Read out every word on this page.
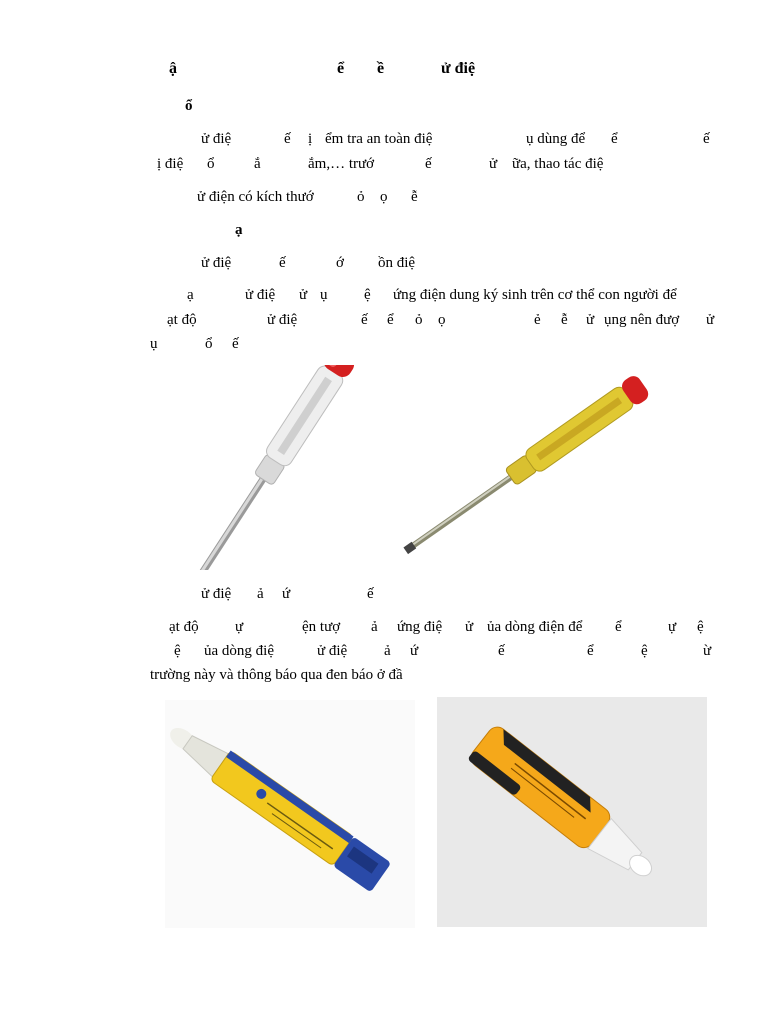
ậ	ể ề	ử điệ
ổ
ử điệ	ế ị ểm tra an toàn điệ	ụ dùng để ể	ế
ị điệ ổ	ắ	ắm,… trướ	ế	ử ữa, thao tác điệ
ử điện có kích thướ	ỏ ọ ễ
ạ
ử điệ	ế	ớ ồn điệ
ạ	ử điệ ử ụ ệ ứng điện dung ký sinh trên cơ thể con người để
ạt độ	ử điệ	ế ể ỏ ọ	ẻ ễ ử ụng nên đượ ử
ụ	ổ ế
ử điệ ả ứ	ế
ạt độ ự	ện tượ ả ứng điệ ử ủa dòng điện để ể	ự ệ
ệ ủa dòng điệ	ử điệ ả ứ	ế	ể	ệ	ừ
trường này và thông báo qua đen báo ở đầ
